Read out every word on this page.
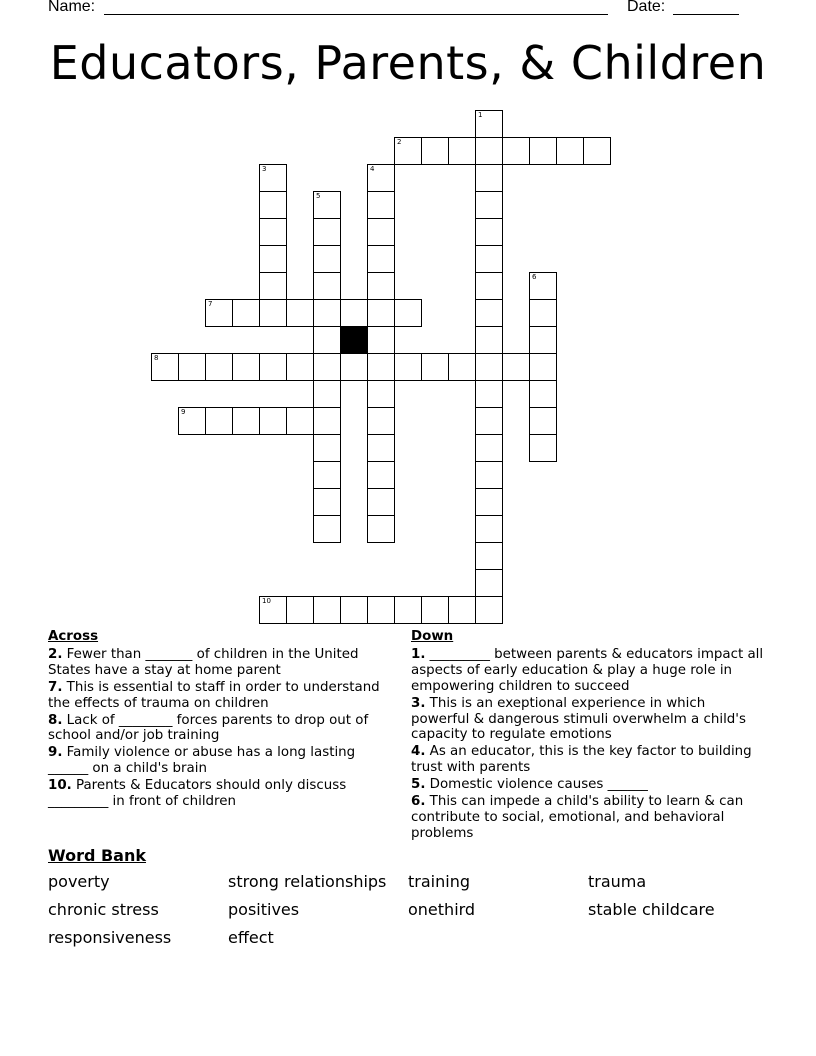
Name:	Date:
Educators, Parents, & Children
1
2
3	4
5
6
7
8
9
10
Across
2. Fewer than _______ of children in the United States have a stay at home parent
7. This is essential to staff in order to understand the effects of trauma on children
8. Lack of ________ forces parents to drop out of school and/or job training
9. Family violence or abuse has a long lasting ______ on a child's brain
10. Parents & Educators should only discuss _________ in front of children
Down
1. _________ between parents & educators impact all aspects of early education & play a huge role in empowering children to succeed
3. This is an exeptional experience in which powerful & dangerous stimuli overwhelm a child's capacity to regulate emotions
4. As an educator, this is the key factor to building trust with parents
5. Domestic violence causes ______
6. This can impede a child's ability to learn & can contribute to social, emotional, and behavioral problems
Word Bank
poverty	strong relationships	training	trauma
chronic stress	positives	onethird	stable childcare
responsiveness	effect
